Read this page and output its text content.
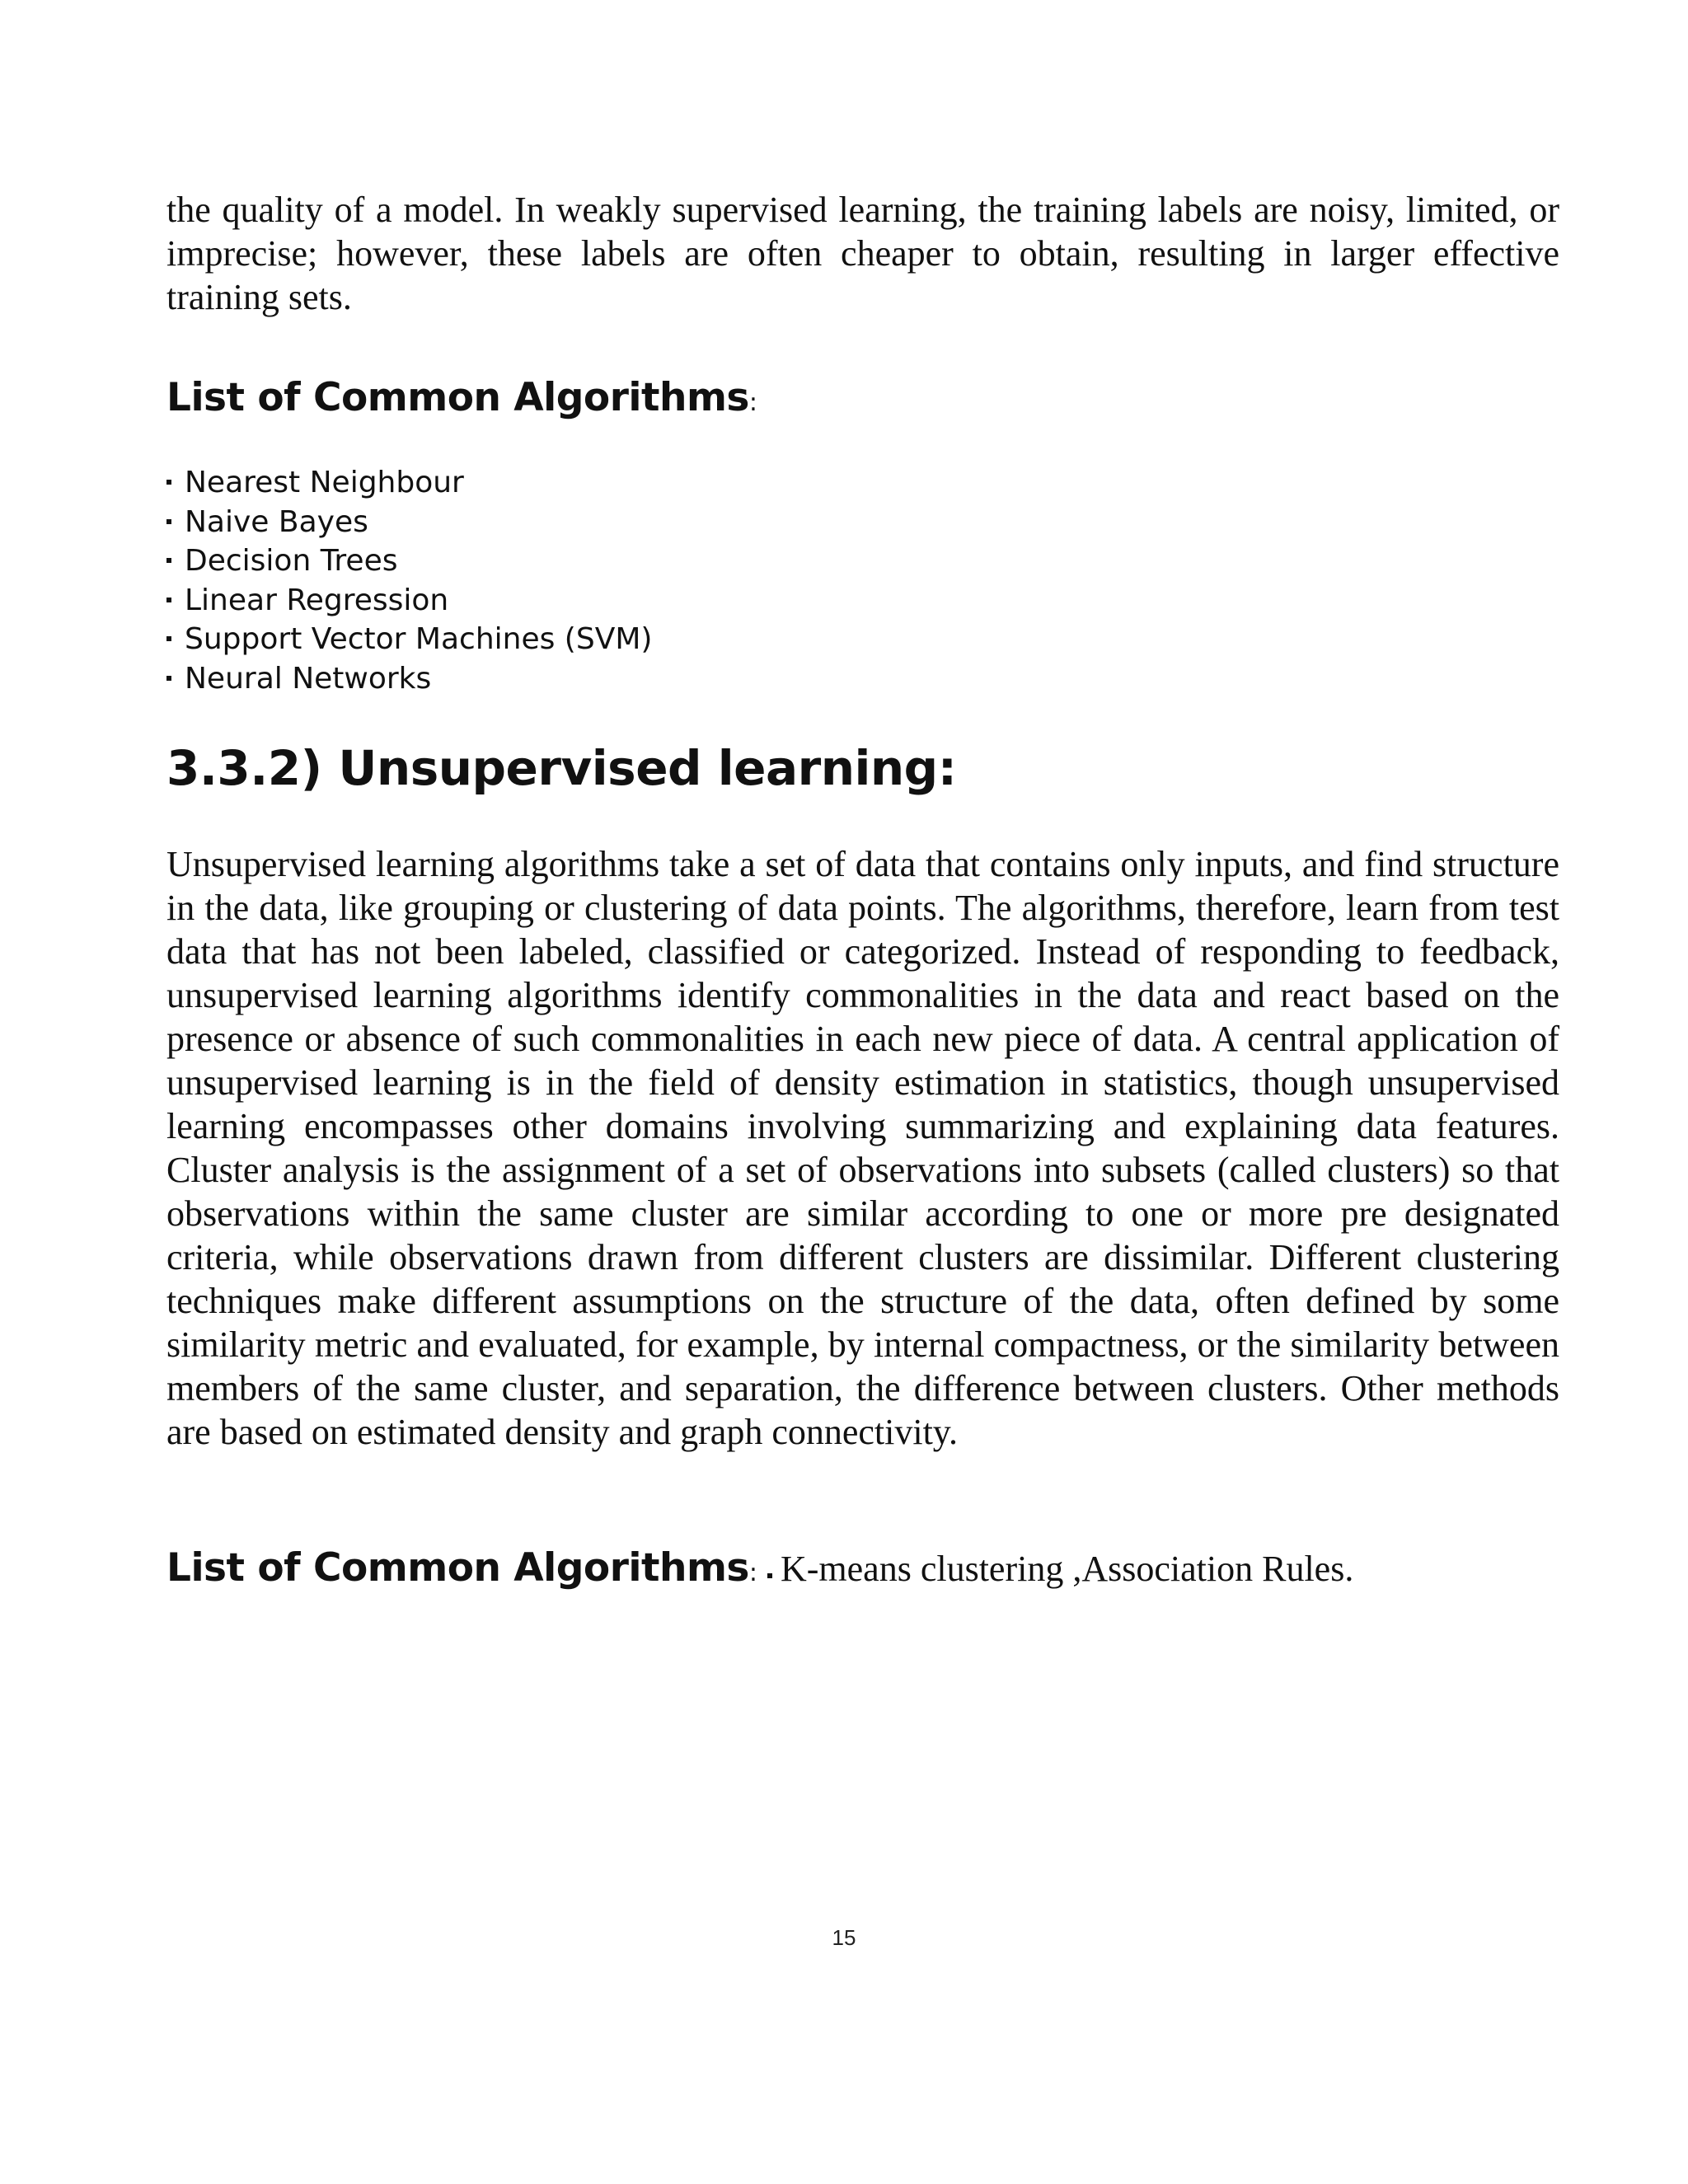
the quality of a model. In weakly supervised learning, the training labels are noisy, limited, or imprecise; however, these labels are often cheaper to obtain, resulting in larger effective training sets.

List of Common Algorithms:
Nearest Neighbour
Naive Bayes
Decision Trees
Linear Regression
Support Vector Machines (SVM)
Neural Networks
3.3.2) Unsupervised learning:

Unsupervised learning algorithms take a set of data that contains only inputs, and find structure in the data, like grouping or clustering of data points. The algorithms, therefore, learn from test data that has not been labeled, classified or categorized. Instead of responding to feedback, unsupervised learning algorithms identify commonalities in the data and react based on the presence or absence of such commonalities in each new piece of data. A central application of unsupervised learning is in the field of density estimation in statistics, though unsupervised learning encompasses other domains involving summarizing and explaining data features. Cluster analysis is the assignment of a set of observations into subsets (called clusters) so that observations within the same cluster are similar according to one or more pre designated criteria, while observations drawn from different clusters are dissimilar. Different clustering techniques make different assumptions on the structure of the data, often defined by some similarity metric and evaluated, for example, by internal compactness, or the similarity between members of the same cluster, and separation, the difference between clusters. Other methods are based on estimated density and graph connectivity.

List of Common Algorithms: K-means clustering ,Association Rules.
15
